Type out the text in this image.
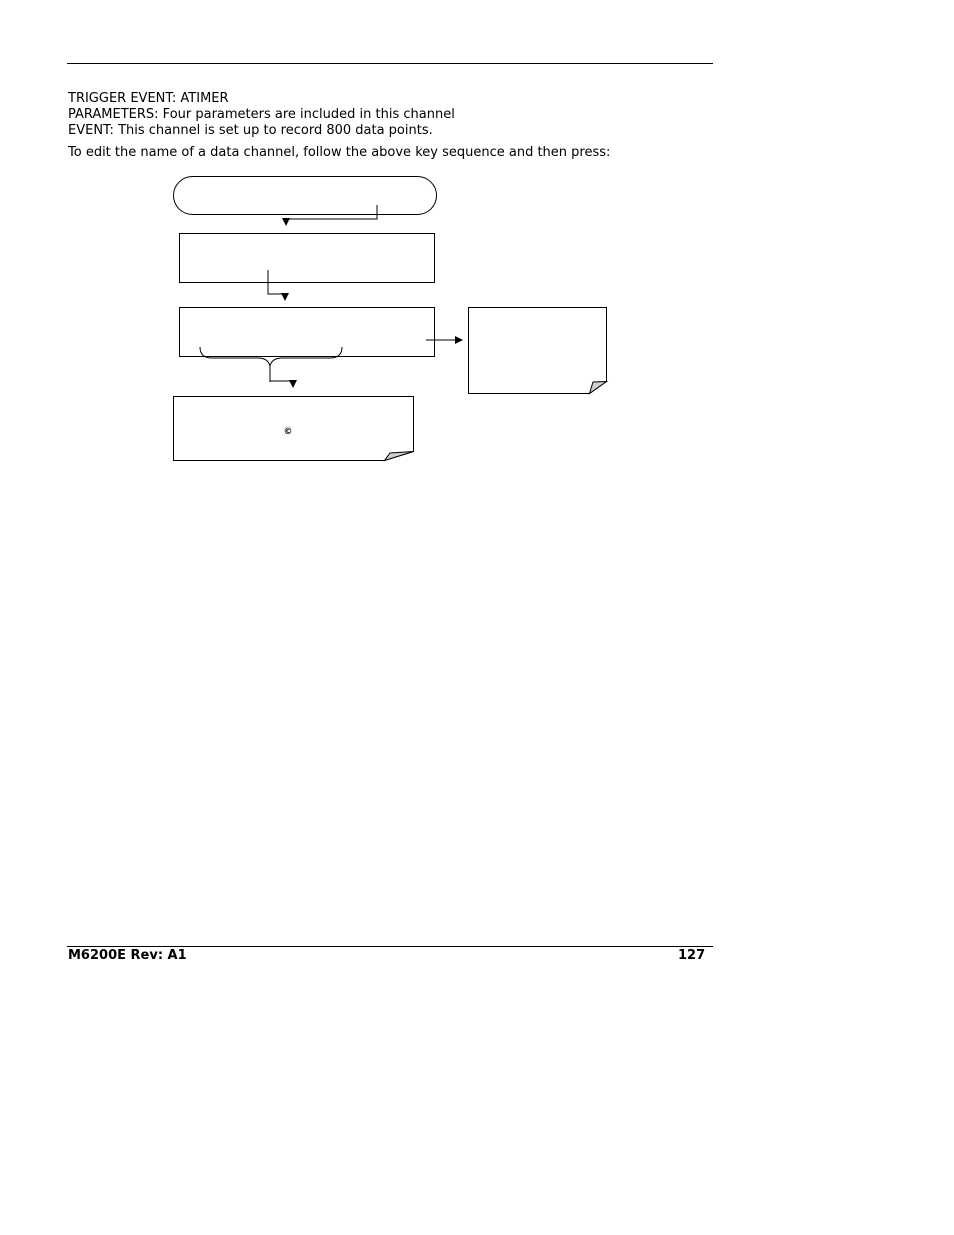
TRIGGER EVENT: ATIMER
PARAMETERS: Four parameters are included in this channel
EVENT: This channel is set up to record 800 data points.
To edit the name of a data channel, follow the above key sequence and then press:
©
M6200E Rev: A1	127
